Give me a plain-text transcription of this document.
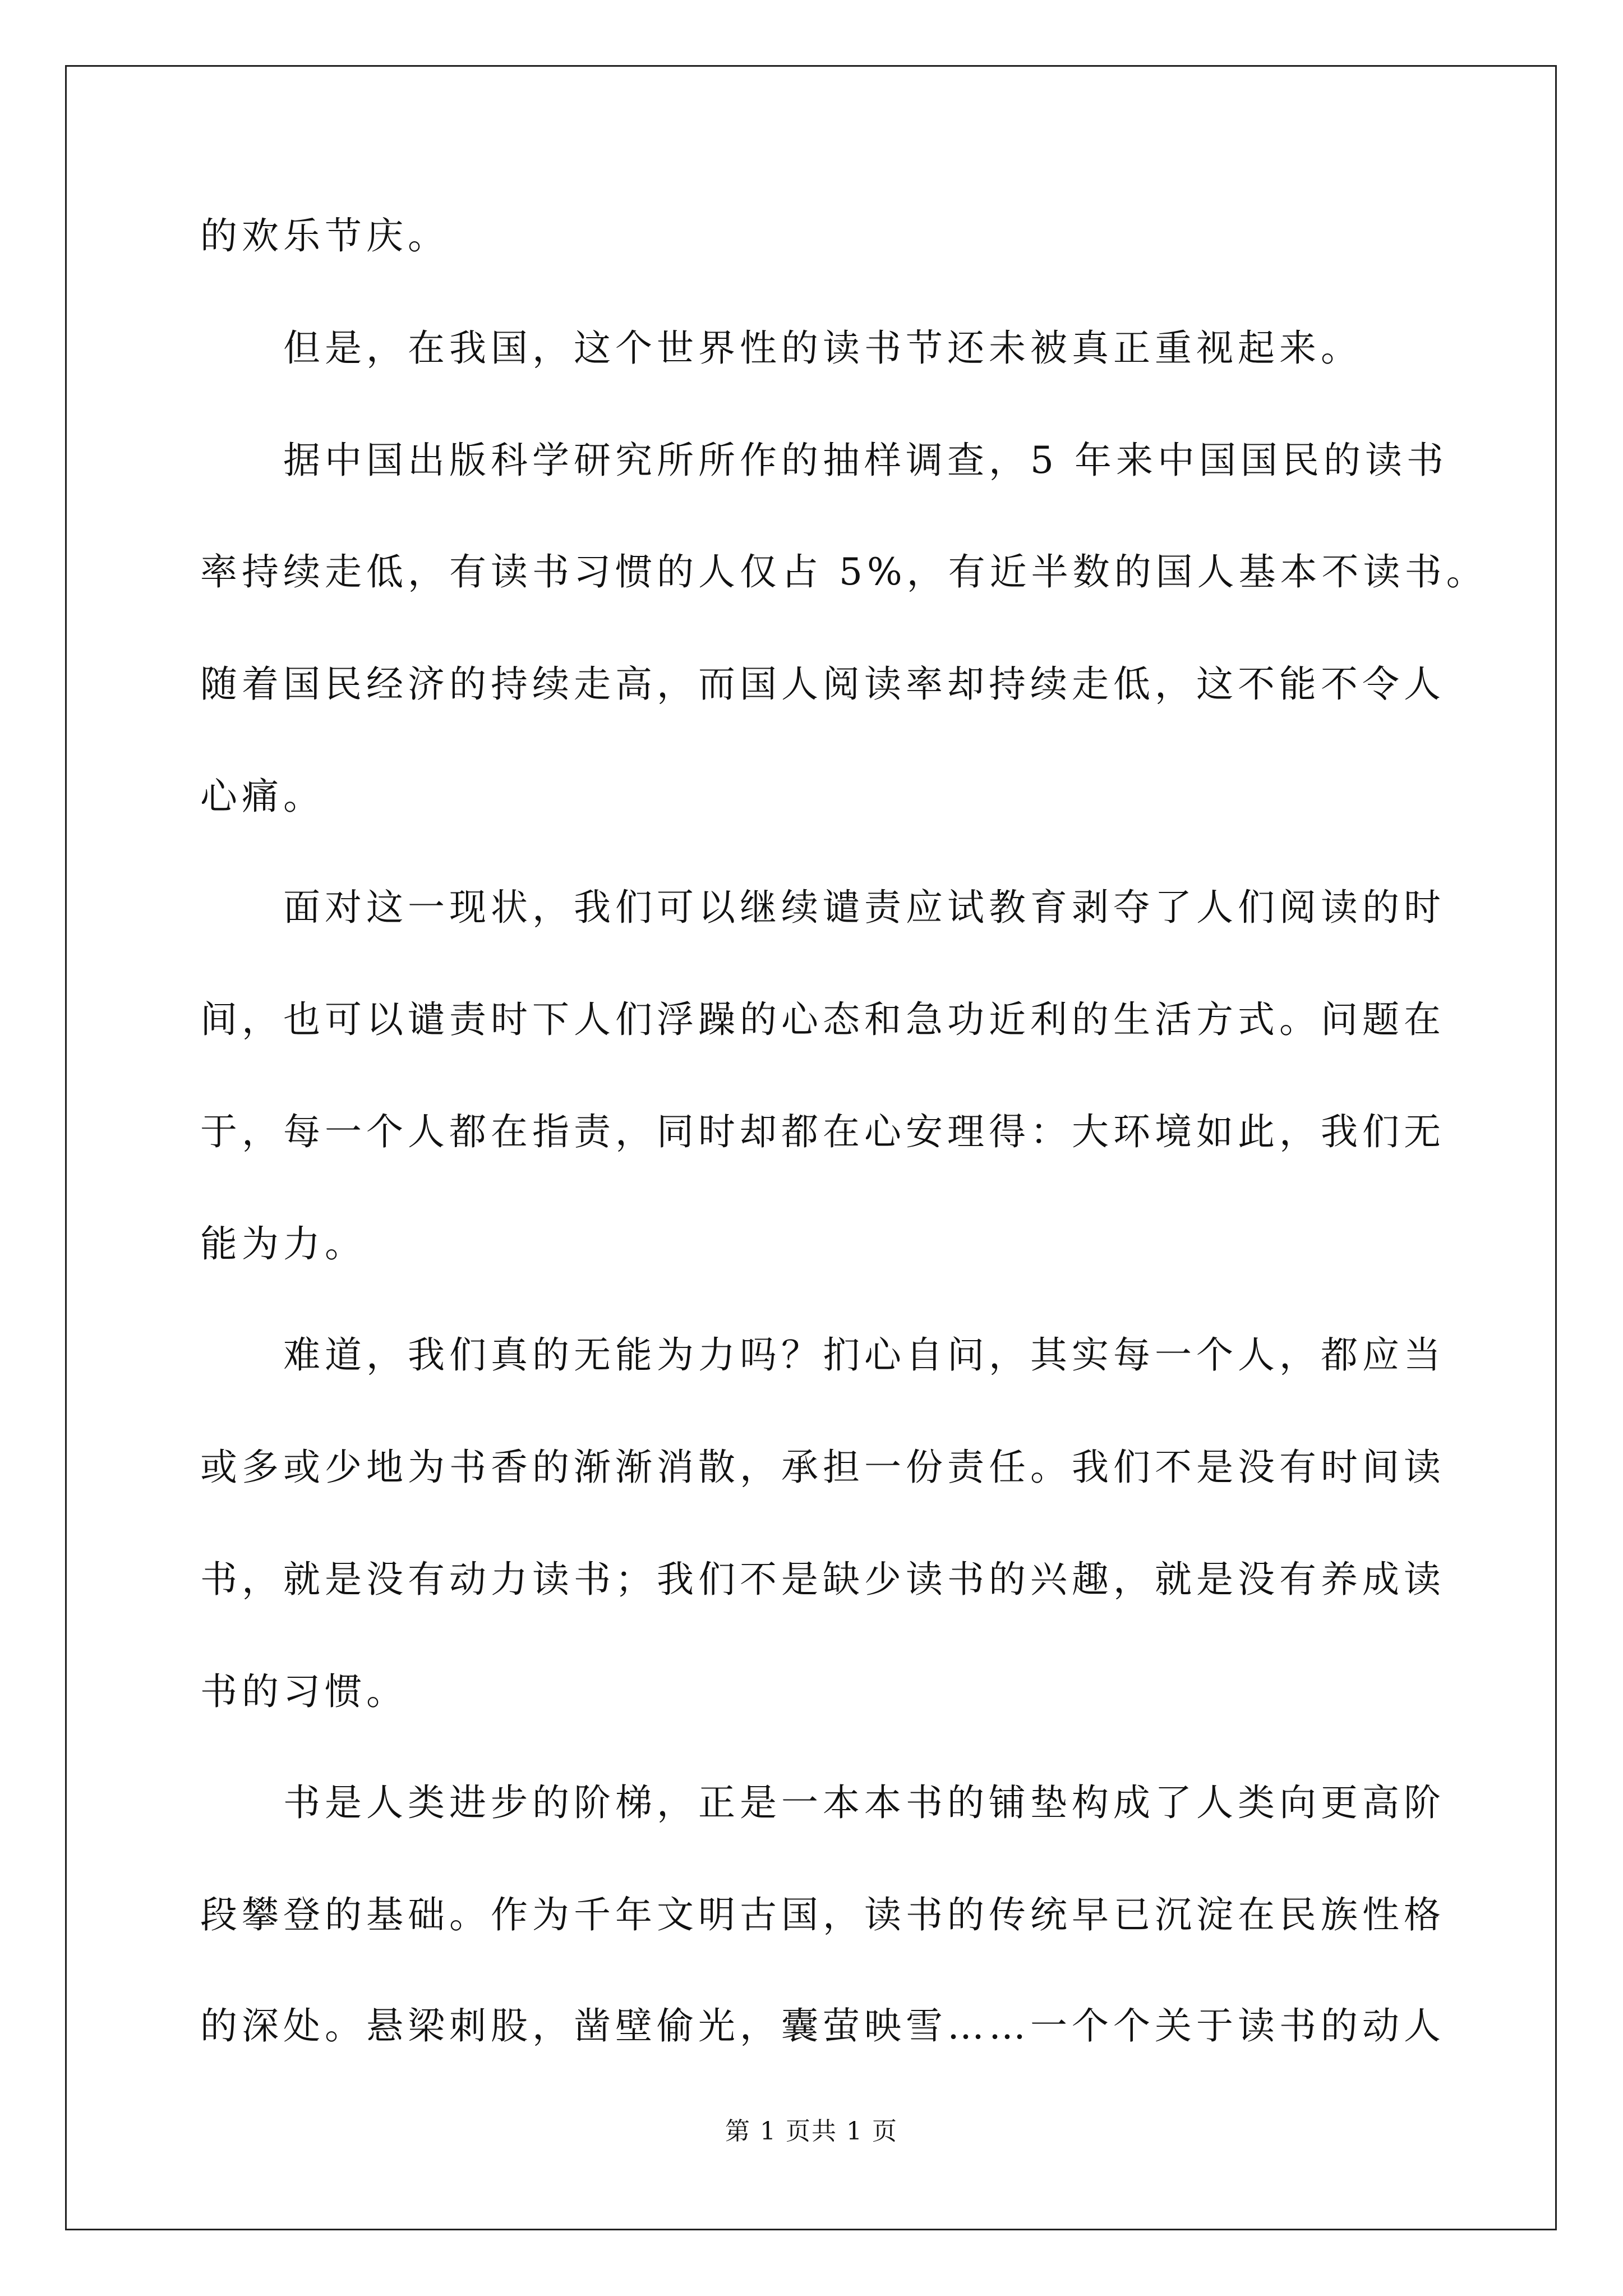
的欢乐节庆。
　　但是，在我国，这个世界性的读书节还未被真正重视起来。
　　据中国出版科学研究所所作的抽样调查，5 年来中国国民的读书
率持续走低，有读书习惯的人仅占 5%，有近半数的国人基本不读书。
随着国民经济的持续走高，而国人阅读率却持续走低，这不能不令人
心痛。
　　面对这一现状，我们可以继续谴责应试教育剥夺了人们阅读的时
间，也可以谴责时下人们浮躁的心态和急功近利的生活方式。问题在
于，每一个人都在指责，同时却都在心安理得：大环境如此，我们无
能为力。
　　难道，我们真的无能为力吗？扪心自问，其实每一个人，都应当
或多或少地为书香的渐渐消散，承担一份责任。我们不是没有时间读
书，就是没有动力读书；我们不是缺少读书的兴趣，就是没有养成读
书的习惯。
　　书是人类进步的阶梯，正是一本本书的铺垫构成了人类向更高阶
段攀登的基础。作为千年文明古国，读书的传统早已沉淀在民族性格
的深处。悬梁刺股，凿壁偷光，囊萤映雪……一个个关于读书的动人
第 1 页共 1 页
